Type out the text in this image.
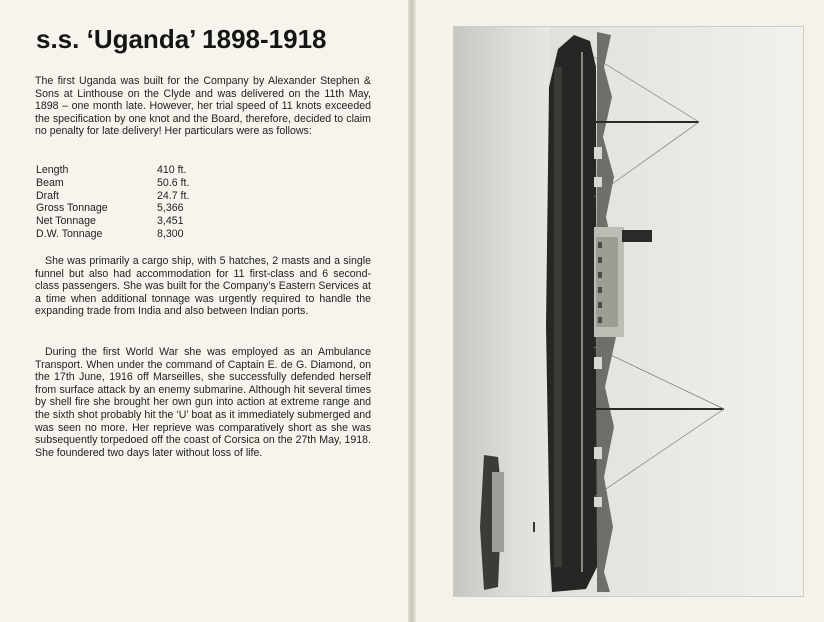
s.s. ‘Uganda’ 1898-1918

The first Uganda was built for the Company by Alexander Stephen & Sons at Linthouse on the Clyde and was delivered on the 11th May, 1898 – one month late. However, her trial speed of 11 knots exceeded the specification by one knot and the Board, therefore, decided to claim no penalty for late delivery! Her particulars were as follows:

Length	410 ft.
Beam	50.6 ft.
Draft	24.7 ft.
Gross Tonnage	5,366
Net Tonnage	3,451
D.W. Tonnage	8,300

She was primarily a cargo ship, with 5 hatches, 2 masts and a single funnel but also had accommodation for 11 first-class and 6 second-class passengers. She was built for the Company’s Eastern Services at a time when additional tonnage was urgently required to handle the expanding trade from India and also between Indian ports.

During the first World War she was employed as an Ambulance Transport. When under the command of Captain E. de G. Diamond, on the 17th June, 1916 off Marseilles, she successfully defended herself from surface attack by an enemy submarine. Although hit several times by shell fire she brought her own gun into action at extreme range and the sixth shot probably hit the ‘U’ boat as it immediately submerged and was seen no more. Her reprieve was comparatively short as she was subsequently torpedoed off the coast of Corsica on the 27th May, 1918. She foundered two days later without loss of life.
